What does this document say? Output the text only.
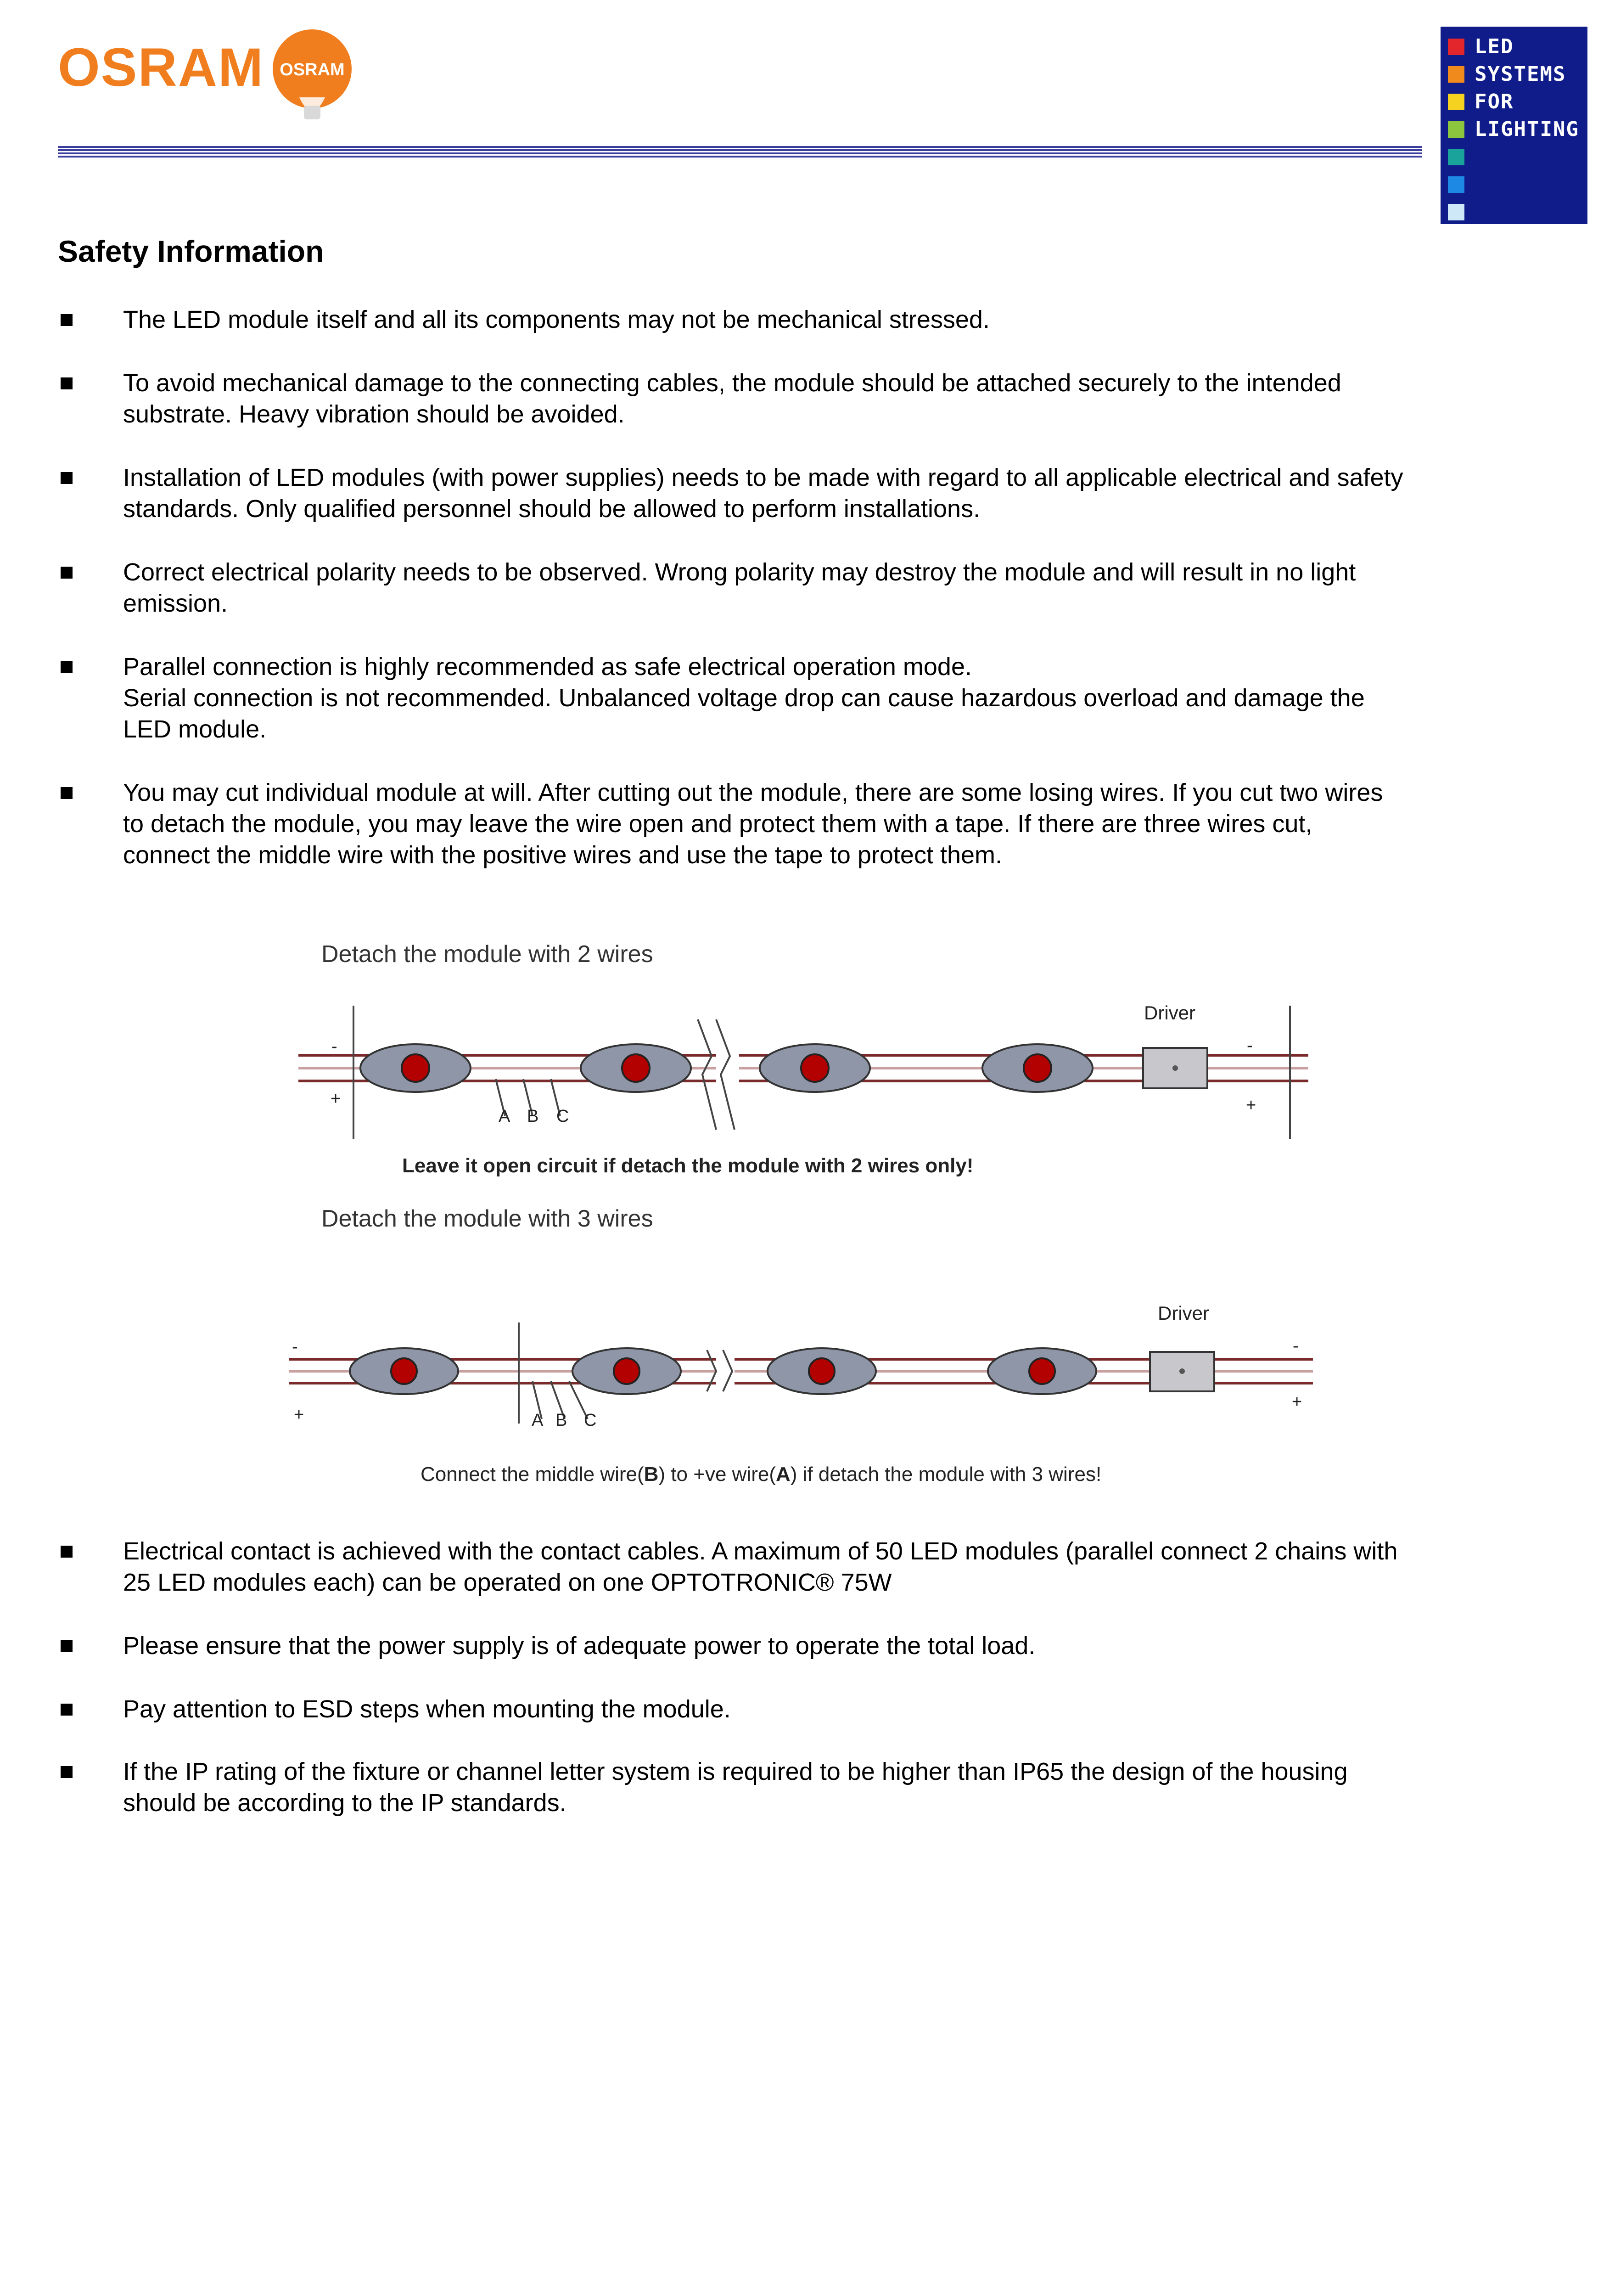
OSRAM OSRAM
LED
SYSTEMS
FOR
LIGHTING
Safety Information
The LED module itself and all its components may not be mechanical stressed.
To avoid mechanical damage to the connecting cables, the module should be attached securely to the intended
substrate. Heavy vibration should be avoided.
Installation of LED modules (with power supplies) needs to be made with regard to all applicable electrical and safety
standards. Only qualified personnel should be allowed to perform installations.
Correct electrical polarity needs to be observed. Wrong polarity may destroy the module and will result in no light
emission.
Parallel connection is highly recommended as safe electrical operation mode.
Serial connection is not recommended. Unbalanced voltage drop can cause hazardous overload and damage the
LED module.
You may cut individual module at will. After cutting out the module, there are some losing wires. If you cut two wires
to detach the module, you may leave the wire open and protect them with a tape. If there are three wires cut,
connect the middle wire with the positive wires and use the tape to protect them.
Detach the module with 2 wires
Driver
-
+
-
+
A B C
Leave it open circuit if detach the module with 2 wires only!
Detach the module with 3 wires
Driver
-
+
-
+
A B C
Connect the middle wire(B) to +ve wire(A) if detach the module with 3 wires!
Electrical contact is achieved with the contact cables. A maximum of 50 LED modules (parallel connect 2 chains with
25 LED modules each) can be operated on one OPTOTRONIC® 75W
Please ensure that the power supply is of adequate power to operate the total load.
Pay attention to ESD steps when mounting the module.
If the IP rating of the fixture or channel letter system is required to be higher than IP65 the design of the housing
should be according to the IP standards.
